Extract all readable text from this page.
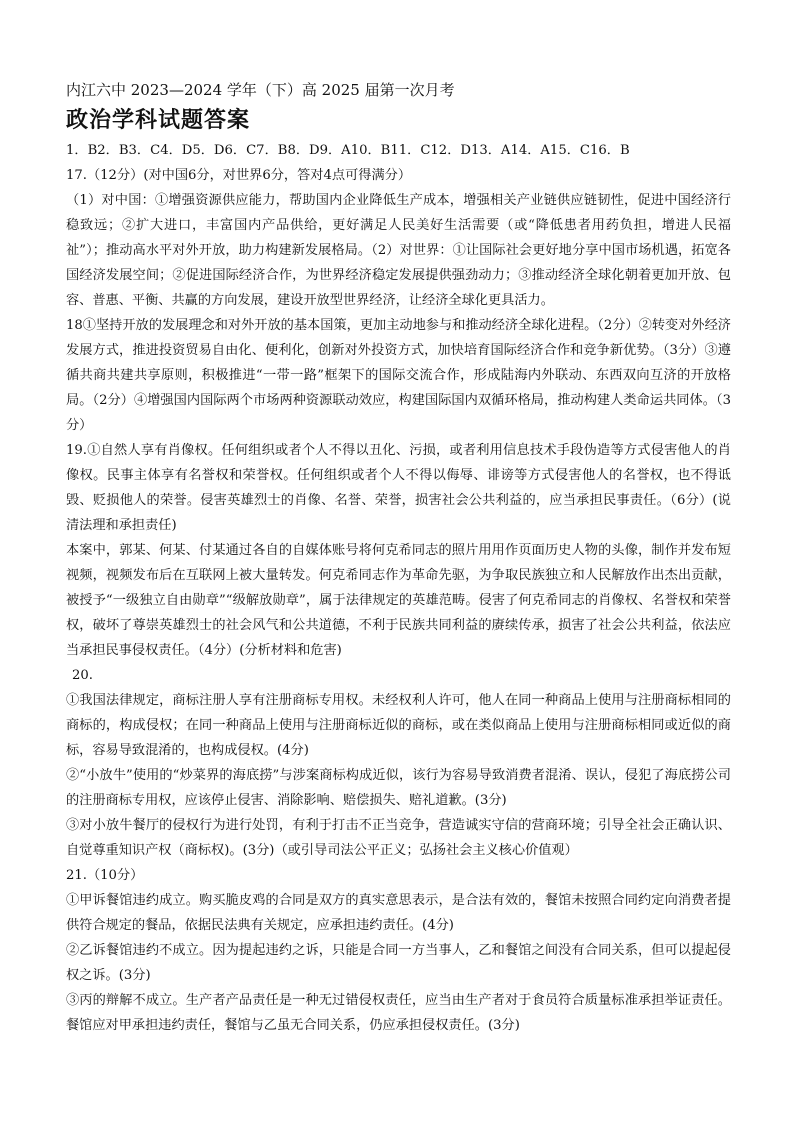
内江六中 2023—2024 学年（下）高 2025 届第一次月考

政治学科试题答案

1．B2．B3．C4．D5．D6．C7．B8．D9．A10．B11．C12．D13．A14．A15．C16．B

17.（12分）(对中国6分，对世界6分，答对4点可得满分）

（1）对中国：①增强资源供应能力，帮助国内企业降低生产成本，增强相关产业链供应链韧性，促进中国经济行稳致远；②扩大进口，丰富国内产品供给，更好满足人民美好生活需要（或“降低患者用药负担，增进人民福祉”）；推动高水平对外开放，助力构建新发展格局。（2）对世界：①让国际社会更好地分享中国市场机遇，拓宽各国经济发展空间；②促进国际经济合作，为世界经济稳定发展提供强劲动力；③推动经济全球化朝着更加开放、包容、普惠、平衡、共赢的方向发展，建设开放型世界经济，让经济全球化更具活力。

18①坚持开放的发展理念和对外开放的基本国策，更加主动地参与和推动经济全球化进程。（2分）②转变对外经济发展方式，推进投资贸易自由化、便利化，创新对外投资方式，加快培育国际经济合作和竞争新优势。（3分）③遵循共商共建共享原则，积极推进“一带一路”框架下的国际交流合作，形成陆海内外联动、东西双向互济的开放格局。（2分）④增强国内国际两个市场两种资源联动效应，构建国际国内双循环格局，推动构建人类命运共同体。（3分）

19.①自然人享有肖像权。任何组织或者个人不得以丑化、污损，或者利用信息技术手段伪造等方式侵害他人的肖像权。民事主体享有名誉权和荣誉权。任何组织或者个人不得以侮辱、诽谤等方式侵害他人的名誉权，也不得诋毁、贬损他人的荣誉。侵害英雄烈士的肖像、名誉、荣誉，损害社会公共利益的，应当承担民事责任。（6分）(说清法理和承担责任)

本案中，郭某、何某、付某通过各自的自媒体账号将何克希同志的照片用用作页面历史人物的头像，制作并发布短视频，视频发布后在互联网上被大量转发。何克希同志作为革命先驱，为争取民族独立和人民解放作出杰出贡献，被授予“一级独立自由勋章”“级解放勋章”，属于法律规定的英雄范畴。侵害了何克希同志的肖像权、名誉权和荣誉权，破坏了尊崇英雄烈士的社会风气和公共道德，不利于民族共同利益的赓续传承，损害了社会公共利益，依法应当承担民事侵权责任。（4分）(分析材料和危害)

20.

①我国法律规定，商标注册人享有注册商标专用权。未经权利人许可，他人在同一种商品上使用与注册商标相同的商标的，构成侵权；在同一种商品上使用与注册商标近似的商标，或在类似商品上使用与注册商标相同或近似的商标，容易导致混淆的，也构成侵权。(4分)

②“小放牛”使用的“炒菜界的海底捞”与涉案商标构成近似，该行为容易导致消费者混淆、误认，侵犯了海底捞公司的注册商标专用权，应该停止侵害、消除影响、赔偿损失、赔礼道歉。(3分)

③对小放牛餐厅的侵权行为进行处罚，有利于打击不正当竞争，营造诚实守信的营商环境；引导全社会正确认识、自觉尊重知识产权（商标权)。(3分)（或引导司法公平正义；弘扬社会主义核心价值观）

21.（10分）

①甲诉餐馆违约成立。购买脆皮鸡的合同是双方的真实意思表示，是合法有效的，餐馆未按照合同约定向消费者提供符合规定的餐品，依据民法典有关规定，应承担违约责任。(4分)

②乙诉餐馆违约不成立。因为提起违约之诉，只能是合同一方当事人，乙和餐馆之间没有合同关系，但可以提起侵权之诉。(3分)

③丙的辩解不成立。生产者产品责任是一种无过错侵权责任，应当由生产者对于食员符合质量标准承担举证责任。餐馆应对甲承担违约责任，餐馆与乙虽无合同关系，仍应承担侵权责任。(3分)
